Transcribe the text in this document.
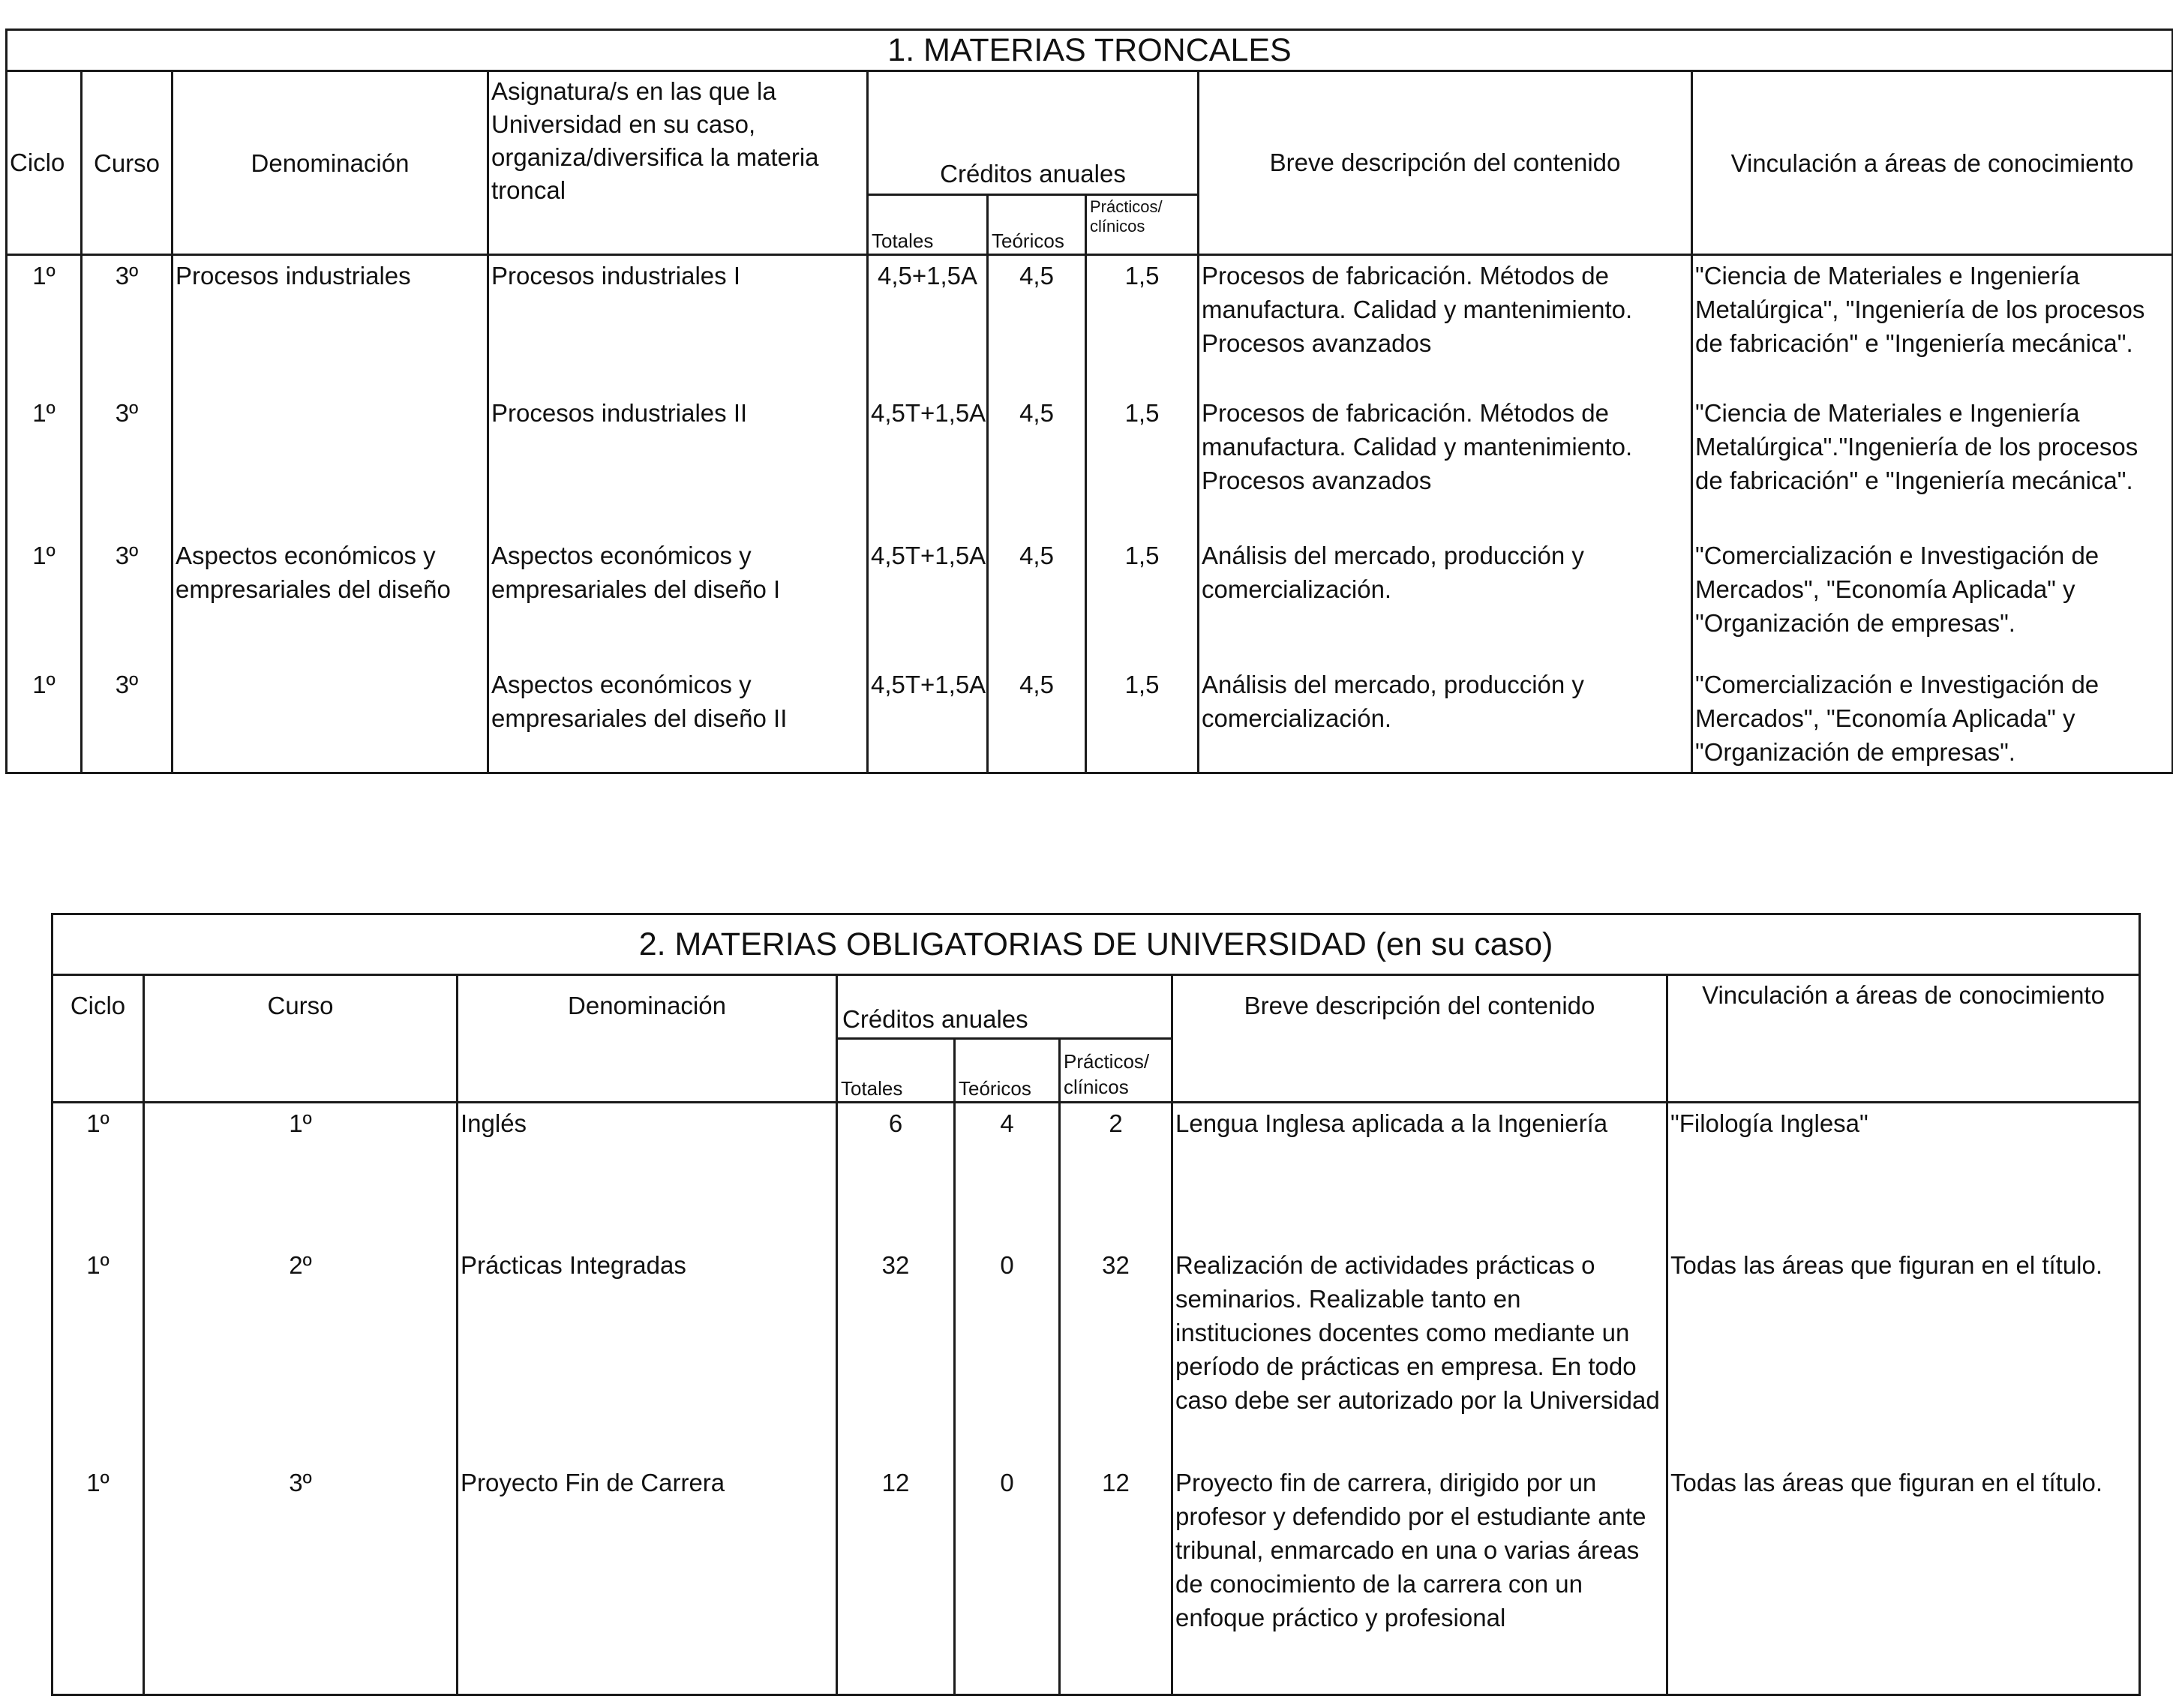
1. MATERIAS TRONCALES								
Ciclo	Curso	Denominación	Asignatura/s en las que la Universidad en su caso, organiza/diversifica la materia troncal	Créditos anuales			Breve descripción del contenido	Vinculación a áreas de conocimiento
				Totales	Teóricos	Prácticos/ clínicos		
1º	3º	Procesos industriales	Procesos industriales I	4,5+1,5A	4,5	1,5	Procesos de fabricación. Métodos de manufactura. Calidad y mantenimiento. Procesos avanzados	"Ciencia de Materiales e Ingeniería Metalúrgica", "Ingeniería de los procesos de fabricación" e "Ingeniería mecánica".
1º	3º		Procesos industriales II	4,5T+1,5A	4,5	1,5	Procesos de fabricación. Métodos de manufactura. Calidad y mantenimiento. Procesos avanzados	"Ciencia de Materiales e Ingeniería Metalúrgica"."Ingeniería de los procesos de fabricación" e "Ingeniería mecánica".
1º	3º	Aspectos económicos y empresariales del diseño	Aspectos económicos y empresariales del diseño I	4,5T+1,5A	4,5	1,5	Análisis del mercado, producción y comercialización.	"Comercialización e Investigación de Mercados", "Economía Aplicada" y "Organización de empresas".
1º	3º		Aspectos económicos y empresariales del diseño II	4,5T+1,5A	4,5	1,5	Análisis del mercado, producción y comercialización.	"Comercialización e Investigación de Mercados", "Economía Aplicada" y "Organización de empresas".
2. MATERIAS OBLIGATORIAS DE UNIVERSIDAD (en su caso)							
Ciclo	Curso	Denominación	Créditos anuales			Breve descripción del contenido	Vinculación a áreas de conocimiento
			Totales	Teóricos	Prácticos/ clínicos		
1º	1º	Inglés	6	4	2	Lengua Inglesa aplicada a la Ingeniería	"Filología Inglesa"
1º	2º	Prácticas Integradas	32	0	32	Realización de actividades prácticas o seminarios. Realizable tanto en instituciones docentes como mediante un período de prácticas en empresa. En todo caso debe ser autorizado por la Universidad	Todas las áreas que figuran en el título.
1º	3º	Proyecto Fin de Carrera	12	0	12	Proyecto fin de carrera, dirigido por un profesor y defendido por el estudiante ante tribunal, enmarcado en una o varias áreas de conocimiento de la carrera con un enfoque práctico y profesional	Todas las áreas que figuran en el título.
